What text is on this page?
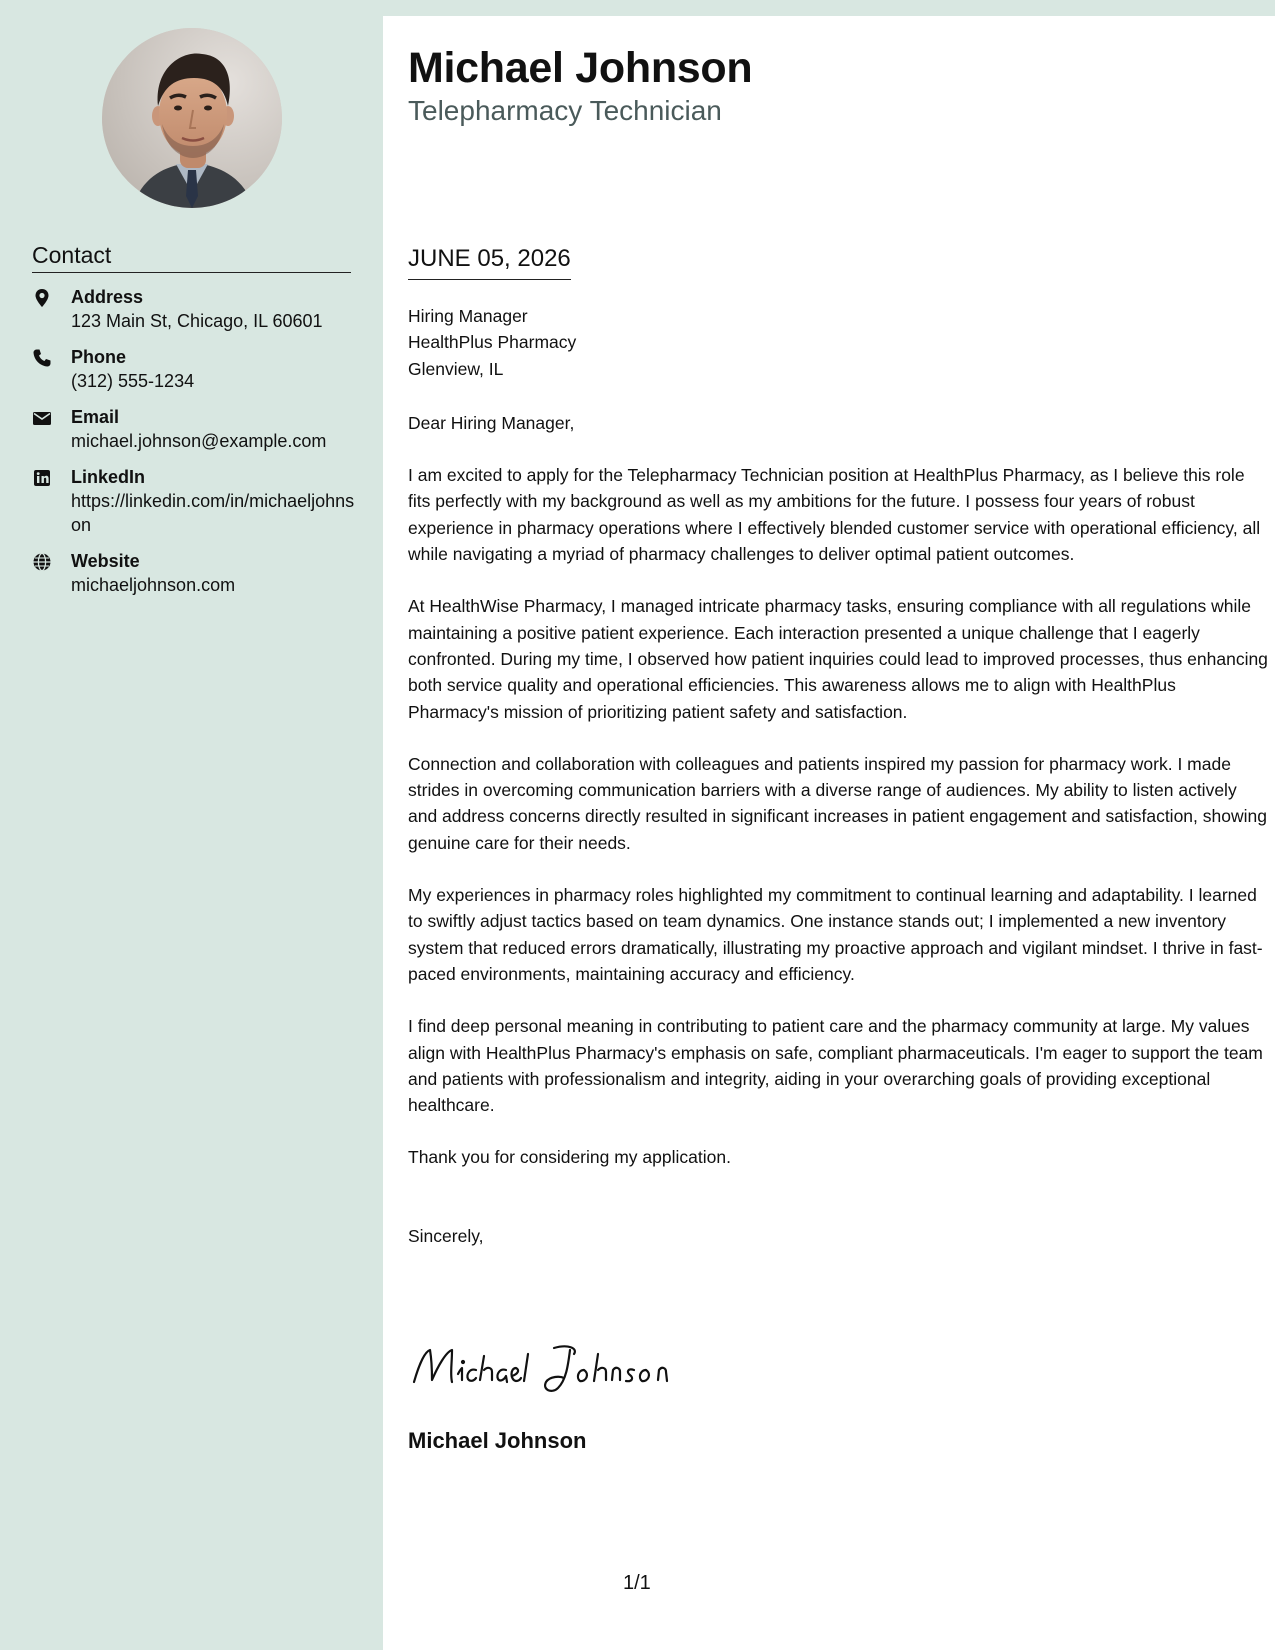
Contact
Address
123 Main St, Chicago, IL 60601
Phone
(312) 555-1234
Email
michael.johnson@example.com
LinkedIn
https://linkedin.com/in/michaeljohnson
Website
michaeljohnson.com
Michael Johnson
Telepharmacy Technician
JUNE 05, 2026
Hiring Manager
HealthPlus Pharmacy
Glenview, IL
Dear Hiring Manager,
I am excited to apply for the Telepharmacy Technician position at HealthPlus Pharmacy, as I believe this role fits perfectly with my background as well as my ambitions for the future. I possess four years of robust experience in pharmacy operations where I effectively blended customer service with operational efficiency, all while navigating a myriad of pharmacy challenges to deliver optimal patient outcomes.
At HealthWise Pharmacy, I managed intricate pharmacy tasks, ensuring compliance with all regulations while maintaining a positive patient experience. Each interaction presented a unique challenge that I eagerly confronted. During my time, I observed how patient inquiries could lead to improved processes, thus enhancing both service quality and operational efficiencies. This awareness allows me to align with HealthPlus Pharmacy's mission of prioritizing patient safety and satisfaction.
Connection and collaboration with colleagues and patients inspired my passion for pharmacy work. I made strides in overcoming communication barriers with a diverse range of audiences. My ability to listen actively and address concerns directly resulted in significant increases in patient engagement and satisfaction, showing genuine care for their needs.
My experiences in pharmacy roles highlighted my commitment to continual learning and adaptability. I learned to swiftly adjust tactics based on team dynamics. One instance stands out; I implemented a new inventory system that reduced errors dramatically, illustrating my proactive approach and vigilant mindset. I thrive in fast-paced environments, maintaining accuracy and efficiency.
I find deep personal meaning in contributing to patient care and the pharmacy community at large. My values align with HealthPlus Pharmacy's emphasis on safe, compliant pharmaceuticals. I'm eager to support the team and patients with professionalism and integrity, aiding in your overarching goals of providing exceptional healthcare.
Thank you for considering my application.
Sincerely,
Michael Johnson
1/1
